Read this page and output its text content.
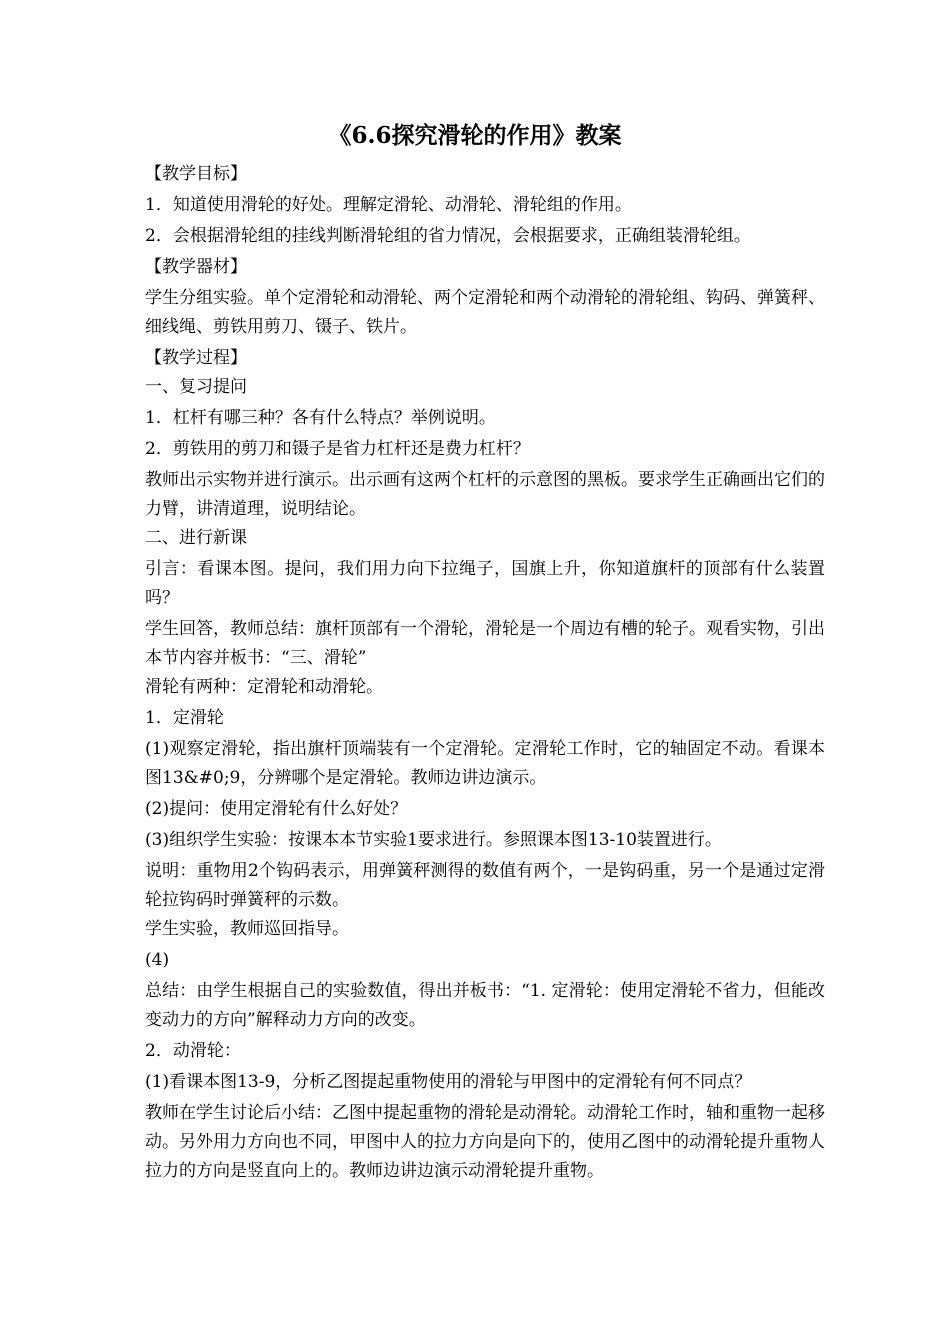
《6.6探究滑轮的作用》教案

【教学目标】

1．知道使用滑轮的好处。理解定滑轮、动滑轮、滑轮组的作用。

2．会根据滑轮组的挂线判断滑轮组的省力情况，会根据要求，正确组装滑轮组。

【教学器材】

学生分组实验。单个定滑轮和动滑轮、两个定滑轮和两个动滑轮的滑轮组、钩码、弹簧秤、细线绳、剪铁用剪刀、镊子、铁片。

【教学过程】

一、复习提问

1．杠杆有哪三种？各有什么特点？举例说明。

2．剪铁用的剪刀和镊子是省力杠杆还是费力杠杆？

教师出示实物并进行演示。出示画有这两个杠杆的示意图的黑板。要求学生正确画出它们的力臂，讲清道理，说明结论。

二、进行新课

引言：看课本图。提问，我们用力向下拉绳子，国旗上升，你知道旗杆的顶部有什么装置吗？

学生回答，教师总结：旗杆顶部有一个滑轮，滑轮是一个周边有槽的轮子。观看实物，引出本节内容并板书：“三、滑轮”

滑轮有两种：定滑轮和动滑轮。

1．定滑轮

(1)观察定滑轮，指出旗杆顶端装有一个定滑轮。定滑轮工作时，它的轴固定不动。看课本图13&#0;9，分辨哪个是定滑轮。教师边讲边演示。

(2)提问：使用定滑轮有什么好处？

(3)组织学生实验：按课本本节实验1要求进行。参照课本图13-10装置进行。

说明：重物用2个钩码表示，用弹簧秤测得的数值有两个，一是钩码重，另一个是通过定滑轮拉钩码时弹簧秤的示数。

学生实验，教师巡回指导。

(4)

总结：由学生根据自己的实验数值，得出并板书：“1. 定滑轮：使用定滑轮不省力，但能改变动力的方向”解释动力方向的改变。

2．动滑轮：

(1)看课本图13-9，分析乙图提起重物使用的滑轮与甲图中的定滑轮有何不同点？

教师在学生讨论后小结：乙图中提起重物的滑轮是动滑轮。动滑轮工作时，轴和重物一起移动。另外用力方向也不同，甲图中人的拉力方向是向下的，使用乙图中的动滑轮提升重物人拉力的方向是竖直向上的。教师边讲边演示动滑轮提升重物。
